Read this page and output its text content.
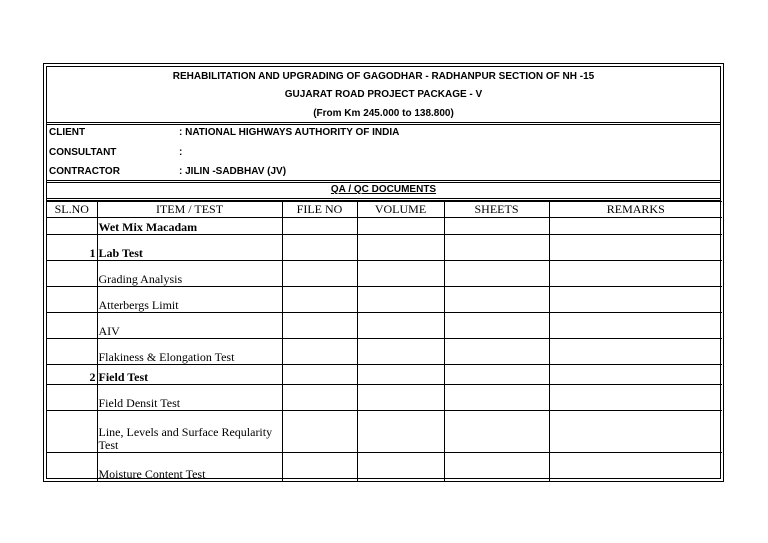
REHABILITATION AND UPGRADING OF GAGODHAR - RADHANPUR SECTION OF NH -15
GUJARAT ROAD PROJECT PACKAGE - V
(From Km 245.000 to 138.800)
CLIENT	: NATIONAL HIGHWAYS AUTHORITY OF INDIA
CONSULTANT	:
CONTRACTOR	: JILIN -SADBHAV (JV)
QA / QC DOCUMENTS
SL.NO	ITEM / TEST	FILE NO	VOLUME	SHEETS	REMARKS
	Wet Mix Macadam				
1	Lab Test				
	Grading Analysis				
	Atterbergs Limit				
	AIV				
	Flakiness & Elongation Test				
2	Field Test				
	Field Densit Test				
	Line, Levels and Surface Reqularity Test				
	Moisture Content Test				
